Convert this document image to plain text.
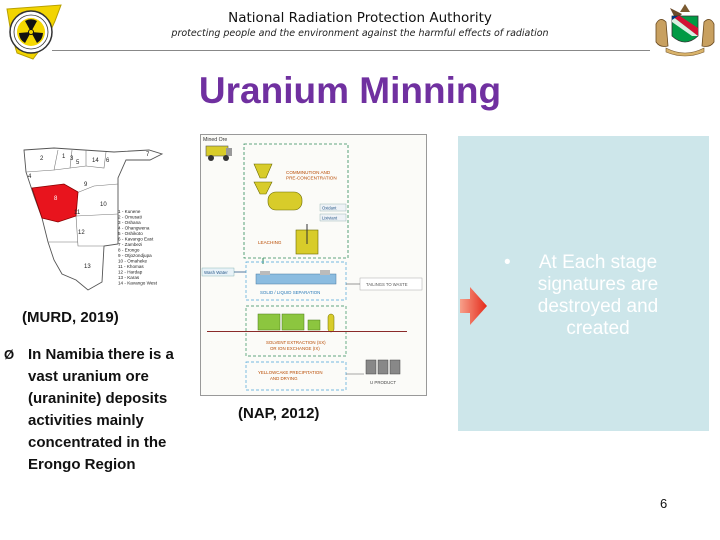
National Radiation Protection Authority
protecting people and the environment against the harmful effects of radiation
Uranium Minning
2	1 3
5 14 6
7
9
10
8
11
12
13
4
1 - Kunene
2 - Omusati
3 - Oshana
4 - Ohangwena
5 - Oshikoto
6 - Kavango East
7 - Zambezi
8 - Erongo
9 - Otjozondjupa
10 - Omaheke
11 - Khomas
12 - Hardap
13 - Karas
14 - Kavango West
(MURD, 2019)
Ø In Namibia there is a
vast uranium ore
(uraninite) deposits
activities mainly
concentrated in the
Erongo Region
Mined Ore
COMMINUTION AND
PRE-CONCENTRATION
LEACHING
Oxidant
Lixiviant
Wash Water
SOLID / LIQUID SEPARATION
TAILINGS TO WASTE
SOLVENT EXTRACTION (SX)
OR ION EXCHANGE (IX)
YELLOWCAKE PRECIPITATION
AND DRYING
U PRODUCT
(NAP, 2012)
•	At Each stage
signatures are
destroyed and
created
6
